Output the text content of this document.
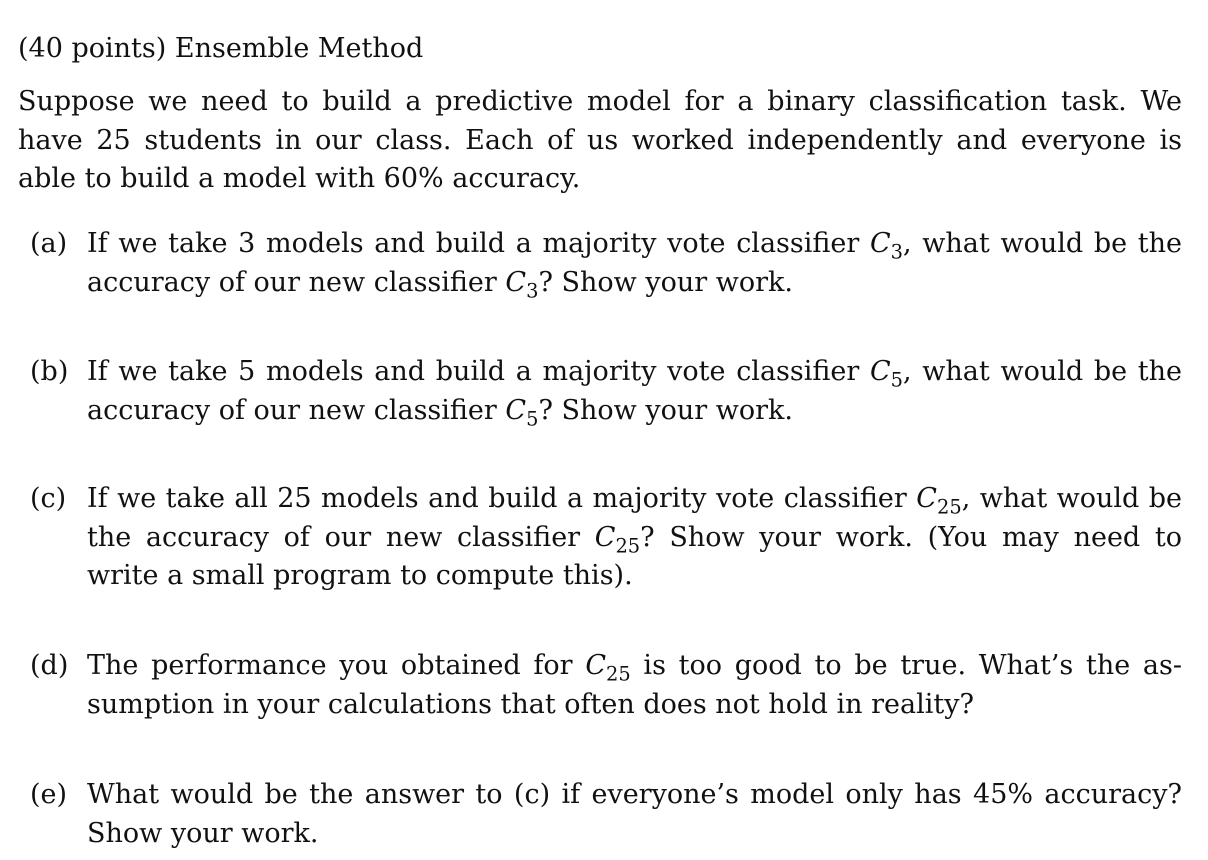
(40 points) Ensemble Method
Suppose we need to build a predictive model for a binary classification task. We have 25 students in our class. Each of us worked independently and everyone is able to build a model with 60% accuracy.
(a) If we take 3 models and build a majority vote classifier $C_3$, what would be the accuracy of our new classifier $C_3$? Show your work.
(b) If we take 5 models and build a majority vote classifier $C_5$, what would be the accuracy of our new classifier $C_5$? Show your work.
(c) If we take all 25 models and build a majority vote classifier $C_{25}$, what would be the accuracy of our new classifier $C_{25}$? Show your work. (You may need to write a small program to compute this).
(d) The performance you obtained for $C_{25}$ is too good to be true. What’s the as-sumption in your calculations that often does not hold in reality?
(e) What would be the answer to (c) if everyone’s model only has 45% accuracy? Show your work.
